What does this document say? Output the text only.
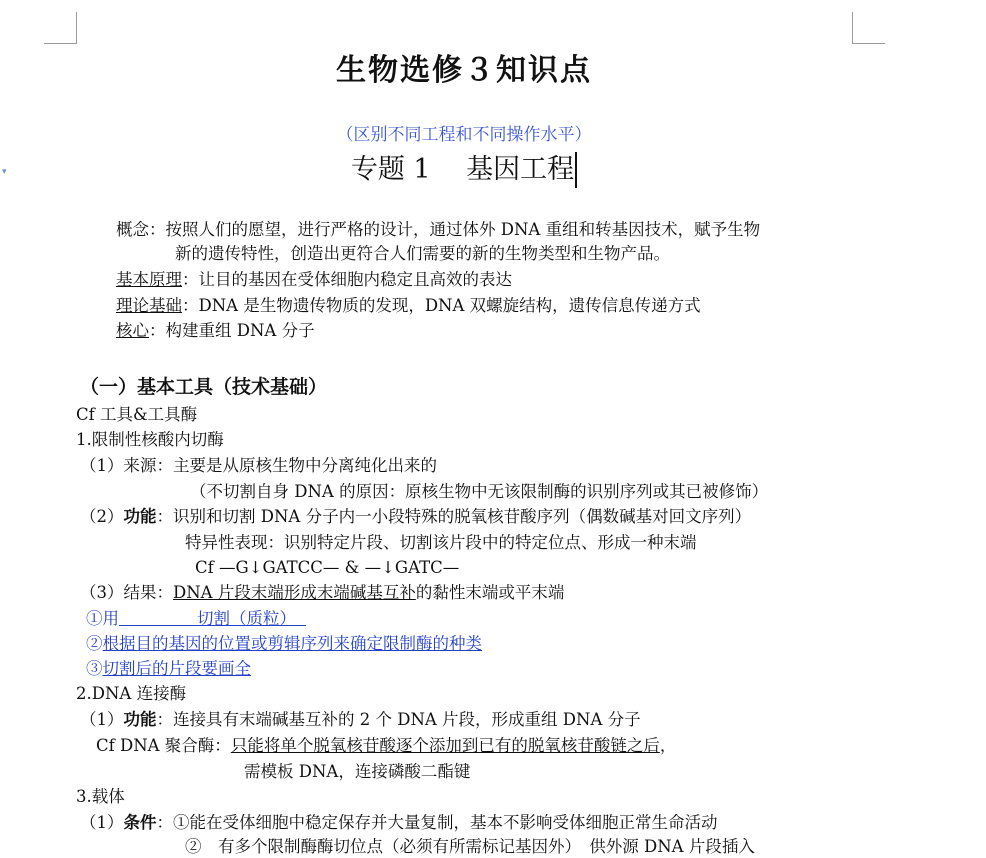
▾
生物选修３知识点
（区别不同工程和不同操作水平）
专题 1　 基因工程
概念：按照人们的愿望，进行严格的设计，通过体外 DNA 重组和转基因技术，赋予生物
新的遗传特性，创造出更符合人们需要的新的生物类型和生物产品。
基本原理：让目的基因在受体细胞内稳定且高效的表达
理论基础：DNA 是生物遗传物质的发现，DNA 双螺旋结构，遗传信息传递方式
核心：构建重组 DNA 分子
（一）基本工具（技术基础）
Cf 工具&工具酶
1.限制性核酸内切酶
（1）来源：主要是从原核生物中分离纯化出来的
（不切割自身 DNA 的原因：原核生物中无该限制酶的识别序列或其已被修饰）
（2）功能：识别和切割 DNA 分子内一小段特殊的脱氧核苷酸序列（偶数碱基对回文序列）
特异性表现：识别特定片段、切割该片段中的特定位点、形成一种末端
Cf —G↓GATCC— & —↓GATC—
（3）结果：DNA 片段末端形成末端碱基互补的黏性末端或平末端
①用	切割（质粒）
②根据目的基因的位置或剪辑序列来确定限制酶的种类
③切割后的片段要画全
2.DNA 连接酶
（1）功能：连接具有末端碱基互补的 2 个 DNA 片段，形成重组 DNA 分子
Cf DNA 聚合酶：只能将单个脱氧核苷酸逐个添加到已有的脱氧核苷酸链之后，
需模板 DNA，连接磷酸二酯键
3.载体
（1）条件：①能在受体细胞中稳定保存并大量复制，基本不影响受体细胞正常生命活动
②　有多个限制酶酶切位点（必须有所需标记基因外）　供外源 DNA 片段插入
